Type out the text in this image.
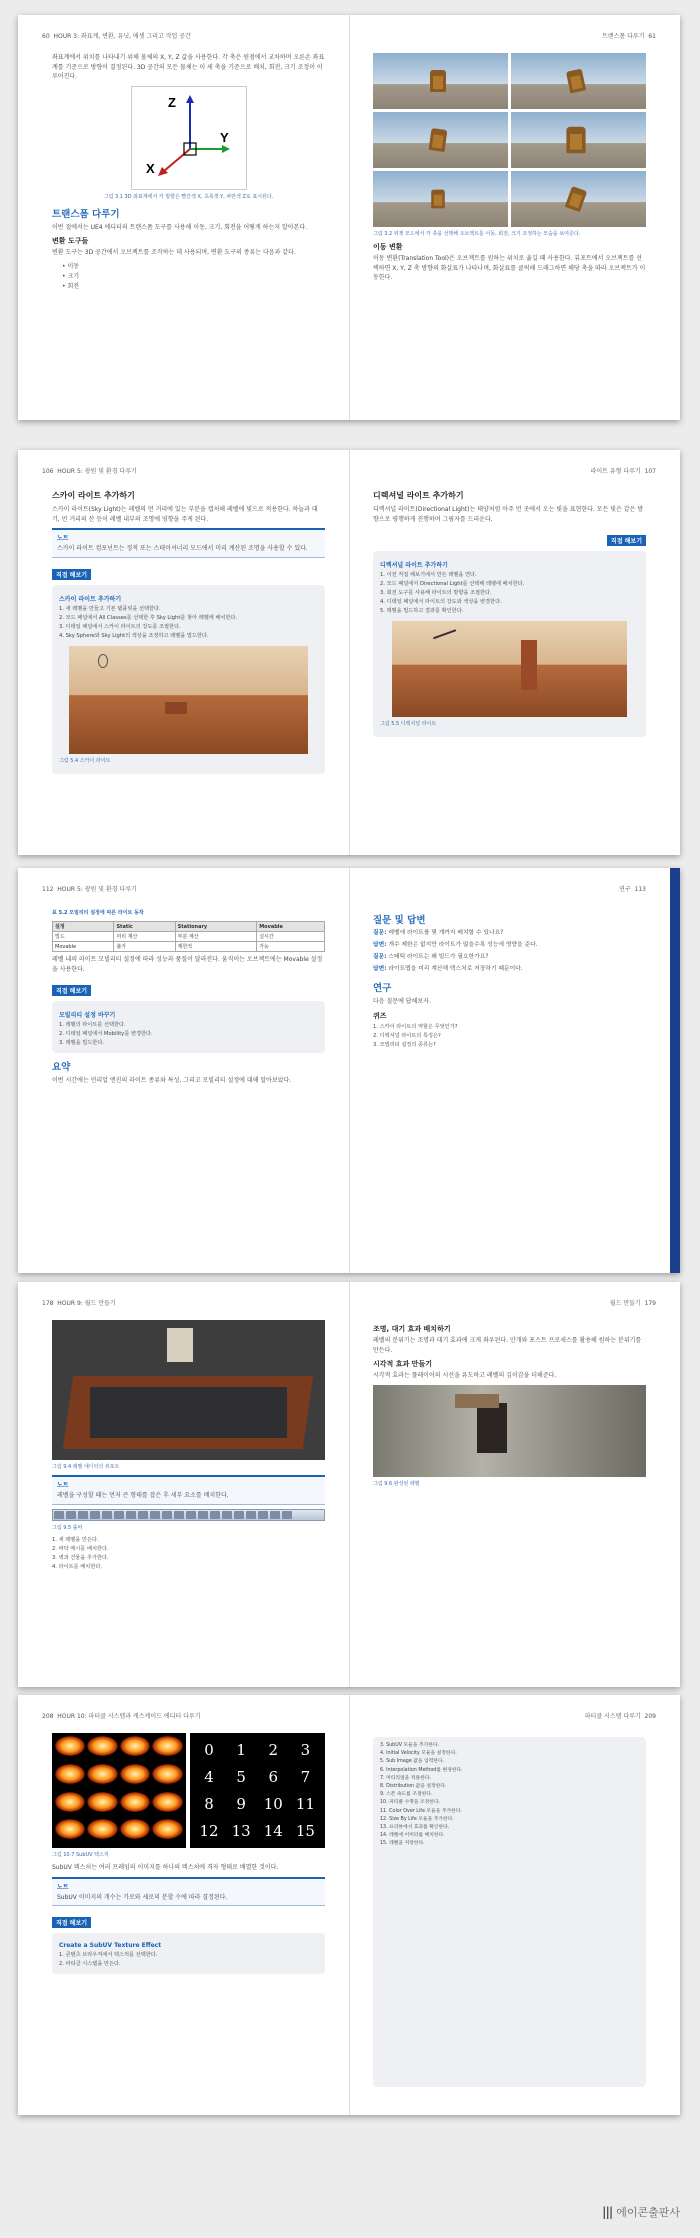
60 HOUR 3: 좌표계, 변환, 유닛, 애셋 그리고 작업 공간
좌표계에서 위치를 나타내기 위해 물체의 X, Y, Z 값을 사용한다. 각 축은 원점에서 교차하며 오른손 좌표계를 기준으로 방향이 결정된다. 3D 공간의 모든 물체는 이 세 축을 기준으로 배치, 회전, 크기 조정이 이루어진다.
Z
Y
X
그림 3.1 3D 좌표계에서 각 방향은 빨간색 X, 초록색 Y, 파란색 Z로 표시된다.
트랜스폼 다루기
이번 절에서는 UE4 에디터의 트랜스폼 도구를 사용해 이동, 크기, 회전을 어떻게 하는지 알아본다.
변환 도구들
변환 도구는 3D 공간에서 오브젝트를 조작하는 데 사용되며, 변환 도구의 종류는 다음과 같다.
• 이동
• 크기
• 회전
트랜스폼 다루기 61
그림 3.2 위젯 모드에서 각 축을 선택해 오브젝트를 이동, 회전, 크기 조정하는 모습을 보여준다.
이동 변환
이동 변환(Translation Tool)은 오브젝트를 원하는 위치로 옮길 때 사용한다. 뷰포트에서 오브젝트를 선택하면 X, Y, Z 축 방향의 화살표가 나타나며, 화살표를 클릭해 드래그하면 해당 축을 따라 오브젝트가 이동한다.
106 HOUR 5: 광원 및 환경 다루기
스카이 라이트 추가하기
스카이 라이트(Sky Light)는 레벨의 먼 거리에 있는 부분을 캡처해 레벨에 빛으로 적용한다. 하늘과 대기, 먼 거리의 산 등이 레벨 내부의 조명에 영향을 주게 된다.
노트
스카이 라이트 컴포넌트는 정적 또는 스테이셔너리 모드에서 미리 계산된 조명을 사용할 수 있다.
직접 해보기
스카이 라이트 추가하기
1. 새 레벨을 만들고 기본 템플릿을 선택한다.
2. 모드 패널에서 All Classes를 선택한 후 Sky Light를 찾아 레벨에 배치한다.
3. 디테일 패널에서 스카이 라이트의 강도를 조절한다.
4. Sky Sphere와 Sky Light의 색상을 조정하고 레벨을 빌드한다.
그림 5.4 스카이 라이트
라이트 유형 다루기 107
디렉셔널 라이트 추가하기
디렉셔널 라이트(Directional Light)는 태양처럼 아주 먼 곳에서 오는 빛을 표현한다. 모든 빛은 같은 방향으로 평행하게 진행하며 그림자를 드리운다.
직접 해보기
디렉셔널 라이트 추가하기
1. 이전 직접 해보기에서 만든 레벨을 연다.
2. 모드 패널에서 Directional Light를 선택해 레벨에 배치한다.
3. 회전 도구를 사용해 라이트의 방향을 조절한다.
4. 디테일 패널에서 라이트의 강도와 색상을 변경한다.
5. 레벨을 빌드하고 결과를 확인한다.
그림 5.5 디렉셔널 라이트
112 HOUR 5: 광원 및 환경 다루기
표 5.2 모빌리티 설정에 따른 라이트 동작
설정	Static	Stationary	Movable
빌드	미리 계산	부분 계산	실시간
Movable	불가	제한적	가능
레벨 내의 라이트 모빌리티 설정에 따라 성능과 품질이 달라진다. 움직이는 오브젝트에는 Movable 설정을 사용한다.
직접 해보기
모빌리티 설정 바꾸기
1. 레벨의 라이트를 선택한다.
2. 디테일 패널에서 Mobility를 변경한다.
3. 레벨을 빌드한다.
요약
이번 시간에는 언리얼 엔진의 라이트 종류와 특성, 그리고 모빌리티 설정에 대해 알아보았다.
연구 113
질문 및 답변
질문: 레벨에 라이트를 몇 개까지 배치할 수 있나요?
답변: 개수 제한은 없지만 라이트가 많을수록 성능에 영향을 준다.
질문: 스태틱 라이트는 왜 빌드가 필요한가요?
답변: 라이트맵을 미리 계산해 텍스처로 저장하기 때문이다.
연구
다음 질문에 답해보자.
퀴즈
1. 스카이 라이트의 역할은 무엇인가?
2. 디렉셔널 라이트의 특징은?
3. 모빌리티 설정의 종류는?
178 HOUR 9: 월드 만들기
그림 9.4 레벨 에디터의 뷰포트
노트
레벨을 구성할 때는 먼저 큰 형태를 잡은 후 세부 요소를 배치한다.
그림 9.5 툴바
1. 새 레벨을 만든다.
2. 바닥 메시를 배치한다.
3. 벽과 건물을 추가한다.
4. 라이트를 배치한다.
월드 만들기 179
조명, 대기 효과 배치하기
레벨의 분위기는 조명과 대기 효과에 크게 좌우된다. 안개와 포스트 프로세스를 활용해 원하는 분위기를 만든다.
시각적 효과 만들기
시각적 효과는 플레이어의 시선을 유도하고 레벨의 깊이감을 더해준다.
그림 9.6 완성된 레벨
208 HOUR 10: 파티클 시스템과 캐스케이드 에디터 다루기
0	1	2	3
4	5	6	7
8	9	10 11
12 13 14 15
그림 10.7 SubUV 텍스처
SubUV 텍스처는 여러 프레임의 이미지를 하나의 텍스처에 격자 형태로 배열한 것이다.
노트
SubUV 이미지의 개수는 가로와 세로의 분할 수에 따라 결정된다.
직접 해보기
Create a SubUV Texture Effect
1. 콘텐츠 브라우저에서 텍스처를 선택한다.
2. 파티클 시스템을 만든다.
파티클 시스템 다루기 209
3. SubUV 모듈을 추가한다.
4. Initial Velocity 모듈을 설정한다.
5. Sub Image 값을 입력한다.
6. Interpolation Method를 변경한다.
7. 머티리얼을 적용한다.
8. Distribution 값을 설정한다.
9. 스폰 속도를 조절한다.
10. 파티클 수명을 조정한다.
11. Color Over Life 모듈을 추가한다.
12. Size By Life 모듈을 추가한다.
13. 프리뷰에서 효과를 확인한다.
14. 레벨에 이미터를 배치한다.
15. 레벨을 저장한다.
||| 에이콘출판사
